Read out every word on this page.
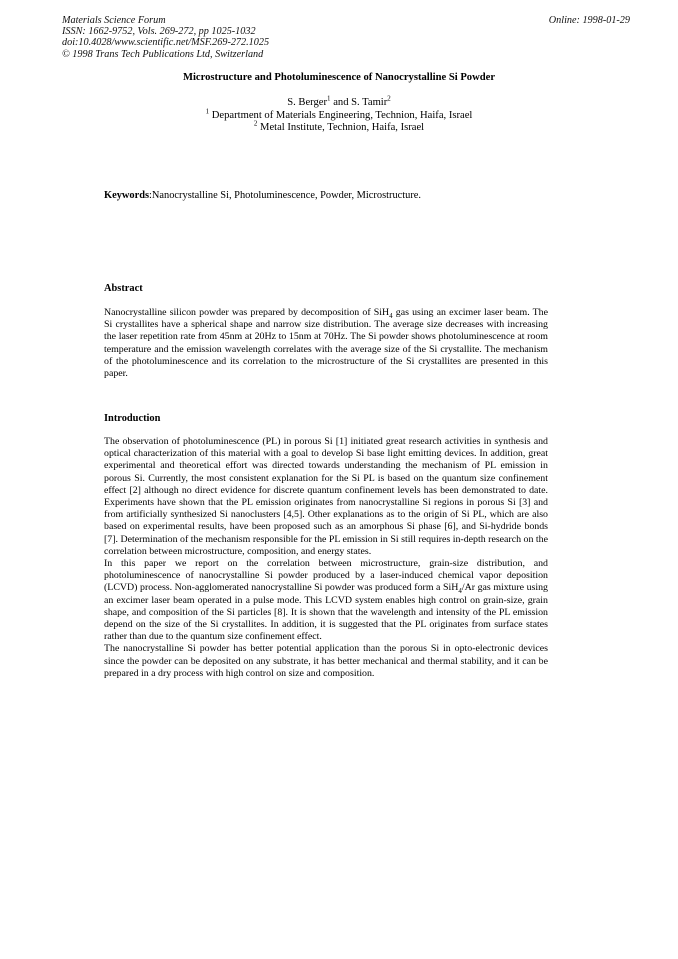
Materials Science Forum
ISSN: 1662-9752, Vols. 269-272, pp 1025-1032
doi:10.4028/www.scientific.net/MSF.269-272.1025
© 1998 Trans Tech Publications Ltd, Switzerland
Online: 1998-01-29
Microstructure and Photoluminescence of Nanocrystalline Si Powder
S. Berger$^1$ and S. Tamir$^2$
$^1$ Department of Materials Engineering, Technion, Haifa, Israel
$^2$ Metal Institute, Technion, Haifa, Israel
Keywords:Nanocrystalline Si, Photoluminescence, Powder, Microstructure.
Abstract

Nanocrystalline silicon powder was prepared by decomposition of SiH$_4$ gas using an excimer laser beam. The Si crystallites have a spherical shape and narrow size distribution. The average size decreases with increasing the laser repetition rate from 45nm at 20Hz to 15nm at 70Hz. The Si powder shows photoluminescence at room temperature and the emission wavelength correlates with the average size of the Si crystallite. The mechanism of the photoluminescence and its correlation to the microstructure of the Si crystallites are presented in this paper.

Introduction

The observation of photoluminescence (PL) in porous Si [1] initiated great research activities in synthesis and optical characterization of this material with a goal to develop Si base light emitting devices. In addition, great experimental and theoretical effort was directed towards understanding the mechanism of PL emission in porous Si. Currently, the most consistent explanation for the Si PL is based on the quantum size confinement effect [2] although no direct evidence for discrete quantum confinement levels has been demonstrated to date. Experiments have shown that the PL emission originates from nanocrystalline Si regions in porous Si [3] and from artificially synthesized Si nanoclusters [4,5]. Other explanations as to the origin of Si PL, which are also based on experimental results, have been proposed such as an amorphous Si phase [6], and Si-hydride bonds [7]. Determination of the mechanism responsible for the PL emission in Si still requires in-depth research on the correlation between microstructure, composition, and energy states.

In this paper we report on the correlation between microstructure, grain-size distribution, and photoluminescence of nanocrystalline Si powder produced by a laser-induced chemical vapor deposition (LCVD) process. Non-agglomerated nanocrystalline Si powder was produced form a SiH$_4$/Ar gas mixture using an excimer laser beam operated in a pulse mode. This LCVD system enables high control on grain-size, grain shape, and composition of the Si particles [8]. It is shown that the wavelength and intensity of the PL emission depend on the size of the Si crystallites. In addition, it is suggested that the PL originates from surface states rather than due to the quantum size confinement effect.

The nanocrystalline Si powder has better potential application than the porous Si in opto-electronic devices since the powder can be deposited on any substrate, it has better mechanical and thermal stability, and it can be prepared in a dry process with high control on size and composition.
